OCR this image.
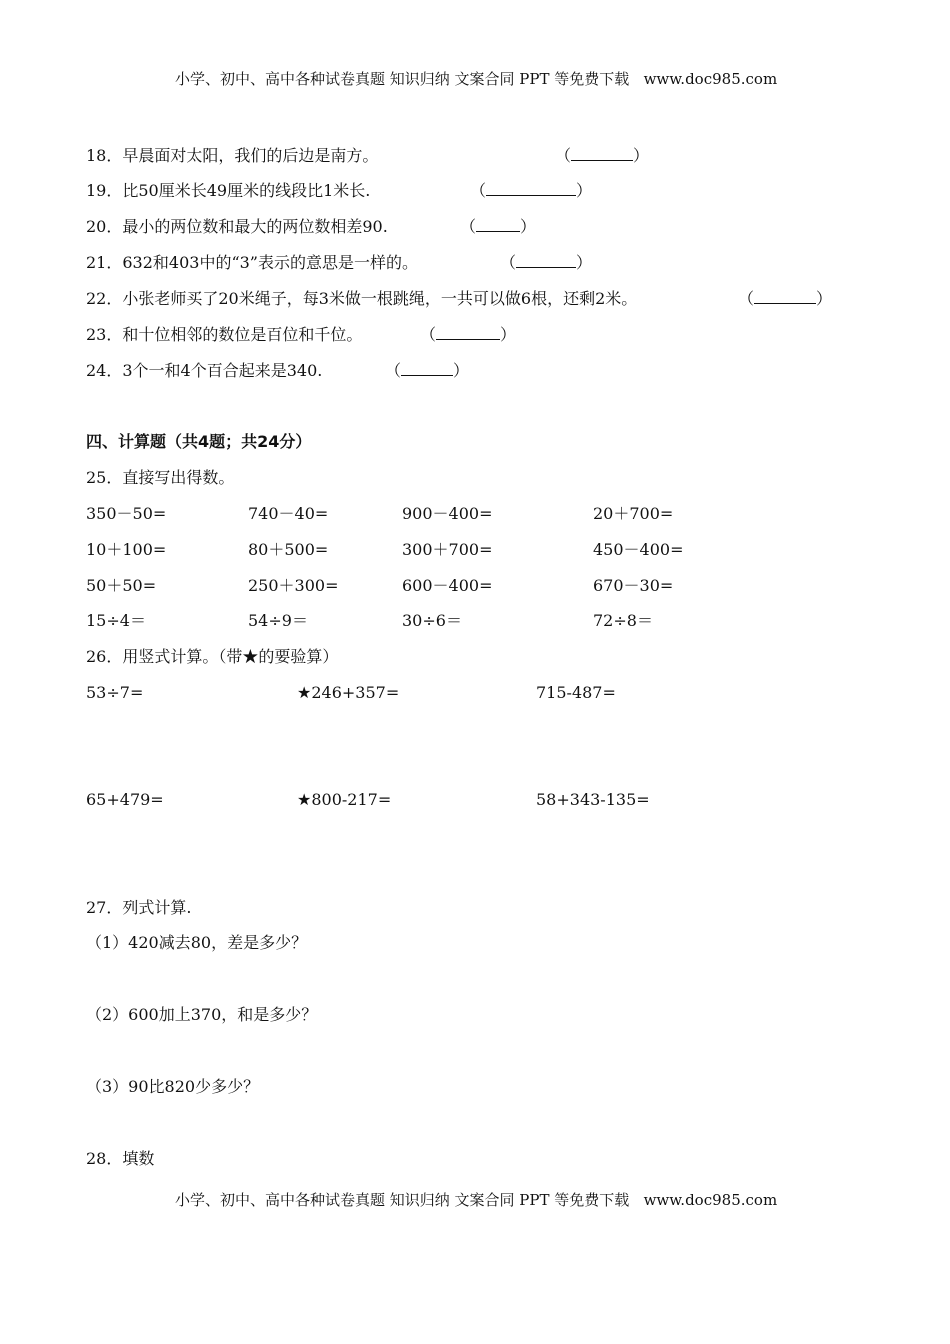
小学、初中、高中各种试卷真题 知识归纳 文案合同 PPT 等免费下载   www.doc985.com
18．早晨面对太阳，我们的后边是南方。	（	）
19．比50厘米长49厘米的线段比1米长.	（	）
20．最小的两位数和最大的两位数相差90.	（	）
21．632和403中的“3”表示的意思是一样的。	（	）
22．小张老师买了20米绳子，每3米做一根跳绳，一共可以做6根，还剩2米。	（	）
23．和十位相邻的数位是百位和千位。	（	）
24．3个一和4个百合起来是340.	（	）
四、计算题（共4题；共24分）
25．直接写出得数。
350－50=	740－40=	900－400=	20＋700=
10＋100=	80＋500=	300＋700=	450－400=
50＋50=	250＋300=	600－400=	670－30=
15÷4＝	54÷9＝	30÷6＝	72÷8＝
26．用竖式计算。（带★的要验算）
53÷7=	★246+357=	715-487=
65+479=	★800-217=	58+343-135=
27．列式计算.
（1）420减去80，差是多少？
（2）600加上370，和是多少？
（3）90比820少多少？
28．填数
小学、初中、高中各种试卷真题 知识归纳 文案合同 PPT 等免费下载   www.doc985.com
